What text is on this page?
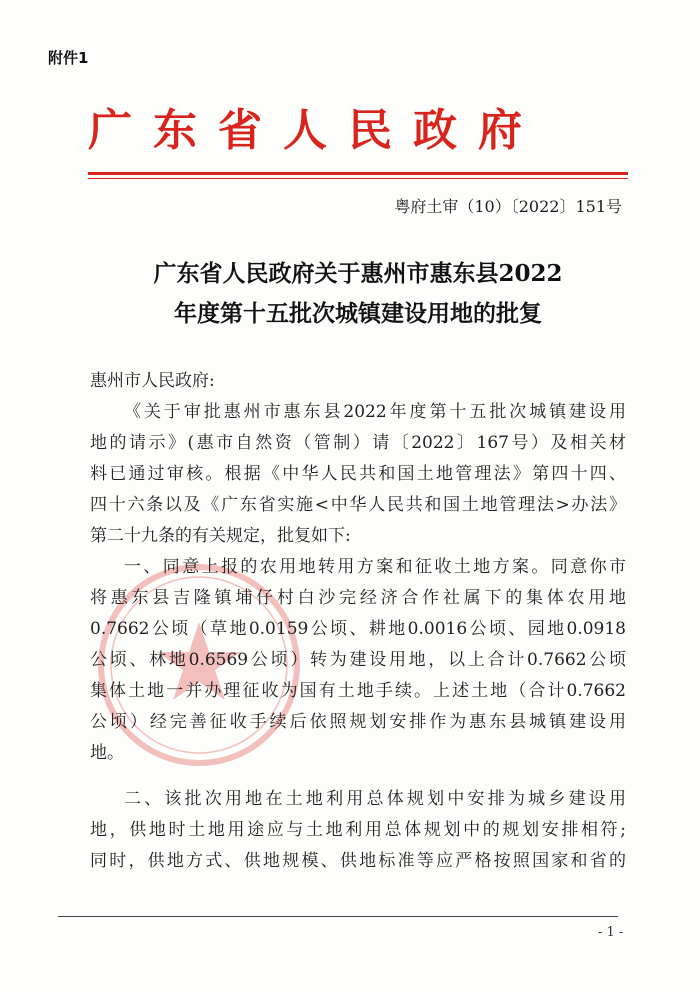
附件1
广东省人民政府
粤府土审（10）〔2022〕151号
广东省人民政府关于惠州市惠东县2022
年度第十五批次城镇建设用地的批复
惠州市人民政府:
《关于审批惠州市惠东县2022年度第十五批次城镇建设用
地的请示》(惠市自然资（管制）请〔2022〕167号）及相关材
料已通过审核。根据《中华人民共和国土地管理法》第四十四、
四十六条以及《广东省实施<中华人民共和国土地管理法>办法》
第二十九条的有关规定，批复如下:
一、同意上报的农用地转用方案和征收土地方案。同意你市
将惠东县吉隆镇埔仔村白沙完经济合作社属下的集体农用地
0.7662公顷（草地0.0159公顷、耕地0.0016公顷、园地0.0918
公顷、林地0.6569公顷）转为建设用地，以上合计0.7662公顷
集体土地一并办理征收为国有土地手续。上述土地（合计0.7662
公顷）经完善征收手续后依照规划安排作为惠东县城镇建设用
地。
二、该批次用地在土地利用总体规划中安排为城乡建设用
地，供地时土地用途应与土地利用总体规划中的规划安排相符;
同时，供地方式、供地规模、供地标准等应严格按照国家和省的
- 1 -
